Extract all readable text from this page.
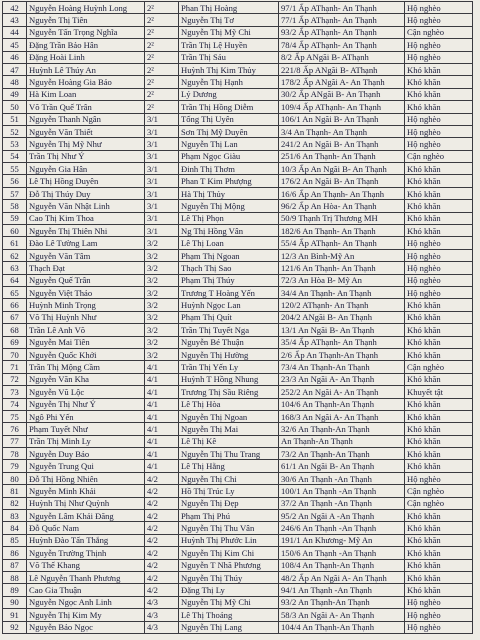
42	Nguyễn Hoàng Huỳnh Long	2²	Phan Thị Hoàng	97/1 Ấp AThạnh- An Thạnh	Hộ nghèo
43	Nguyễn Thị Tiên	2²	Nguyễn Thị Tơ	77/1 Ấp AThạnh- An Thạnh	Hộ nghèo
44	Nguyễn Tấn Trọng Nghĩa	2²	Nguyễn Thị Mỹ Chi	93/2 Ấp AThạnh- An Thạnh	Cận nghèo
45	Đặng Trần Bảo Hân	2²	Trần Thị Lệ Huyền	78/4 Ấp AThạnh- An Thạnh	Hộ nghèo
46	Đặng Hoài Linh	2²	Trần Thị Sáu	8/2 Ấp ANgãi B- AThạnh	Hộ nghèo
47	Huỳnh Lê Thúy An	2²	Huỳnh Thị Kim Thủy	221/8 Ấp ANgãi B- AThạnh	Khó khăn
48	Nguyễn Hoàng Gia Bảo	2²	Nguyễn Thị Hạnh	178/2 Ấp ANgãi A- An Thạnh	Khó khăn
49	Hà Kim Loan	2²	Lý Dương	30/2 Ấp ANgãi B- An Thạnh	Khó khăn
50	Võ Trần Quế Trân	2²	Trần Thị Hồng Diễm	109/4 Ấp AThạnh- An Thạnh	Khó khăn
51	Nguyễn Thanh Ngân	3/1	Tống Thị Uyên	106/1 An Ngãi B- An Thạnh	Hộ nghèo
52	Nguyễn Văn Thiết	3/1	Sơn Thị Mỹ Duyên	3/4 An Thạnh- An Thạnh	Hộ nghèo
53	Nguyễn Thị Mỹ Như	3/1	Nguyễn Thị Lan	241/2 An Ngãi B- An Thạnh	Hộ nghèo
54	Trần Thị Như Ý	3/1	Phạm Ngọc Giàu	251/6 An Thạnh- An Thạnh	Cận nghèo
55	Nguyễn Gia Hân	3/1	Đinh Thị Thơm	10/3 Ấp An Ngãi B- An Thạnh	Khó khăn
56	Lê Thị Hồng Duyên	3/1	Phan T Kim Phượng	176/2 An Ngãi B- An Thạnh	Khó khăn
57	Đỗ Thị Thúy Duy	3/1	Hà Thị Thủy	16/6 Ấp An Thạnh- An Thạnh	Khó khăn
58	Nguyễn Văn Nhật Linh	3/1	Nguyễn Thị Mộng	96/2 Ấp An Hòa- An Thạnh	Khó khăn
59	Cao Thị Kim Thoa	3/1	Lê Thị Phọn	50/9 Thạnh Trị Thương MH	Khó khăn
60	Nguyễn Thị Thiên Nhi	3/1	Ng Thị Hồng Vân	182/6 An Thạnh- An Thạnh	Khó khăn
61	Đào Lê Tường Lam	3/2	Lê Thị Loan	55/4 Ấp AThạnh- An Thạnh	Hộ nghèo
62	Nguyễn Văn Tâm	3/2	Phạm Thị Ngoan	12/3 An Bình-Mỹ An	Hộ nghèo
63	Thạch Đạt	3/2	Thạch Thị Sao	121/6 An Thạnh- An Thạnh	Hộ nghèo
64	Nguyễn Quế Trân	3/2	Phạm Thị Thúy	72/3 An Hòa B- Mỹ An	Hộ nghèo
65	Nguyễn Việt Thảo	3/2	Trương T Hoàng Yến	34/4 An Thạnh- An Thạnh	Hộ nghèo
66	Huỳnh Minh Trọng	3/2	Huỳnh Ngọc Lan	120/2 AThạnh- An Thạnh	Khó khăn
67	Võ Thị Huỳnh Như	3/2	Phạm Thị Quít	204/2 ANgãi B- An Thạnh	Khó khăn
68	Trần Lê Anh Võ	3/2	Trần Thị Tuyết Nga	13/1 An Ngãi B- An Thạnh	Khó khăn
69	Nguyễn Mai Tiên	3/2	Nguyễn Bé Thuận	35/4 Ấp AThạnh- An Thạnh	Khó khăn
70	Nguyễn Quốc Khởi	3/2	Nguyễn Thị Hường	2/6 Ấp An Thạnh-An Thạnh	Khó khăn
71	Trần Thị Mộng Cầm	4/1	Trần Thị Yến Ly	73/4 An Thạnh-An Thạnh	Cận nghèo
72	Nguyễn Văn Kha	4/1	Huỳnh T Hồng Nhung	23/3 An Ngãi A- An Thạnh	Khó khăn
73	Nguyễn Vũ Lộc	4/1	Trương Thị Sầu Riêng	252/2 An Ngãi A- An Thạnh	Khuyết tật
74	Nguyễn Thị Như Ý	4/1	Lê Thị Hòa	104/6 An Thạnh-An Thạnh	Khó khăn
75	Ngô Phi Yến	4/1	Nguyễn Thị Ngoan	168/3 An Ngãi A- An Thạnh	Khó khăn
76	Phạm Tuyết Như	4/1	Nguyễn Thị Mai	32/6 An Thạnh-An Thạnh	Khó khăn
77	Trần Thị Minh Ly	4/1	Lê Thị Kê	An Thạnh-An Thạnh	Khó khăn
78	Nguyễn Duy Bảo	4/1	Nguyễn Thị Thu Trang	73/2 An Thạnh-An Thạnh	Khó khăn
79	Nguyễn Trung Qui	4/1	Lê Thị Hằng	61/1 An Ngãi B- An Thạnh	Khó khăn
80	Đỗ Thị Hồng Nhiên	4/2	Nguyễn Thị Chi	30/6 An Thạnh -An Thạnh	Hộ nghèo
81	Nguyễn Minh Khải	4/2	Hồ Thị Trúc Ly	100/1 An Thạnh -An Thạnh	Cận nghèo
82	Huỳnh Thị Như Quỳnh	4/2	Nguyễn Thị Đẹp	37/2 An Thạnh -An Thạnh	Cận nghèo
83	Nguyễn Lâm Khải Đăng	4/2	Phạm Thị Phú	95/2 An Ngãi A -An Thạnh	Khó khăn
84	Đỗ Quốc Nam	4/2	Nguyễn Thị Thu Vân	246/6 An Thạnh -An Thạnh	Khó khăn
85	Huỳnh Đào Tấn Thắng	4/2	Huỳnh Thị Phước Lin	191/1 An Khương- Mỹ An	Khó khăn
86	Nguyễn Trường Thịnh	4/2	Nguyễn Thị Kim Chi	150/6 An Thạnh -An Thạnh	Khó khăn
87	Võ Thế Khang	4/2	Nguyễn T Nhã Phương	108/4 An Thạnh-An Thạnh	Khó khăn
88	Lê Nguyễn Thanh Phương	4/2	Nguyễn Thị Thúy	48/2 Ấp An Ngãi A- An Thạnh	Khó khăn
89	Cao Gia Thuận	4/2	Đặng Thị Ly	94/1 An Thạnh -An Thạnh	Khó khăn
90	Nguyễn Ngọc Anh Linh	4/3	Nguyễn Thị Mỹ Chi	93/2 An Thạnh-An Thạnh	Hộ nghèo
91	Nguyễn Thị Kim My	4/3	Lê Thị Thoảng	58/3 An Ngãi A- An Thạnh	Hộ nghèo
92	Nguyễn Bảo Ngọc	4/3	Nguyễn Thị Lang	104/4 An Thạnh-An Thạnh	Hộ nghèo
